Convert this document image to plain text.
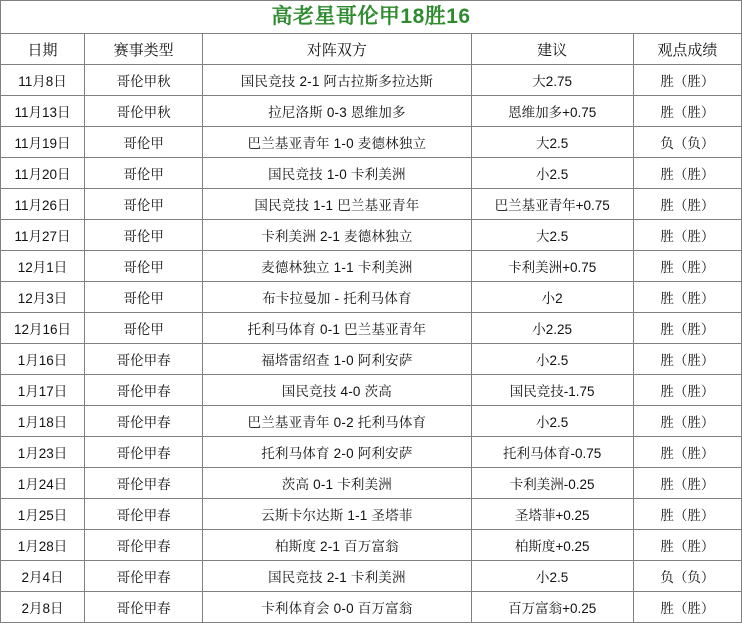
高老星哥伦甲18胜16				
日期	赛事类型	对阵双方	建议	观点成绩
11月8日	哥伦甲秋	国民竞技 2-1 阿古拉斯多拉达斯	大2.75	胜（胜）
11月13日	哥伦甲秋	拉尼洛斯 0-3 恩维加多	恩维加多+0.75	胜（胜）
11月19日	哥伦甲	巴兰基亚青年 1-0 麦德林独立	大2.5	负（负）
11月20日	哥伦甲	国民竞技 1-0 卡利美洲	小2.5	胜（胜）
11月26日	哥伦甲	国民竞技 1-1 巴兰基亚青年	巴兰基亚青年+0.75	胜（胜）
11月27日	哥伦甲	卡利美洲 2-1 麦德林独立	大2.5	胜（胜）
12月1日	哥伦甲	麦德林独立 1-1 卡利美洲	卡利美洲+0.75	胜（胜）
12月3日	哥伦甲	布卡拉曼加 - 托利马体育	小2	胜（胜）
12月16日	哥伦甲	托利马体育 0-1 巴兰基亚青年	小2.25	胜（胜）
1月16日	哥伦甲春	福塔雷绍查 1-0 阿利安萨	小2.5	胜（胜）
1月17日	哥伦甲春	国民竞技 4-0 茨高	国民竞技-1.75	胜（胜）
1月18日	哥伦甲春	巴兰基亚青年 0-2 托利马体育	小2.5	胜（胜）
1月23日	哥伦甲春	托利马体育 2-0 阿利安萨	托利马体育-0.75	胜（胜）
1月24日	哥伦甲春	茨高 0-1 卡利美洲	卡利美洲-0.25	胜（胜）
1月25日	哥伦甲春	云斯卡尔达斯 1-1 圣塔菲	圣塔菲+0.25	胜（胜）
1月28日	哥伦甲春	柏斯度 2-1 百万富翁	柏斯度+0.25	胜（胜）
2月4日	哥伦甲春	国民竞技 2-1 卡利美洲	小2.5	负（负）
2月8日	哥伦甲春	卡利体育会 0-0 百万富翁	百万富翁+0.25	胜（胜）
